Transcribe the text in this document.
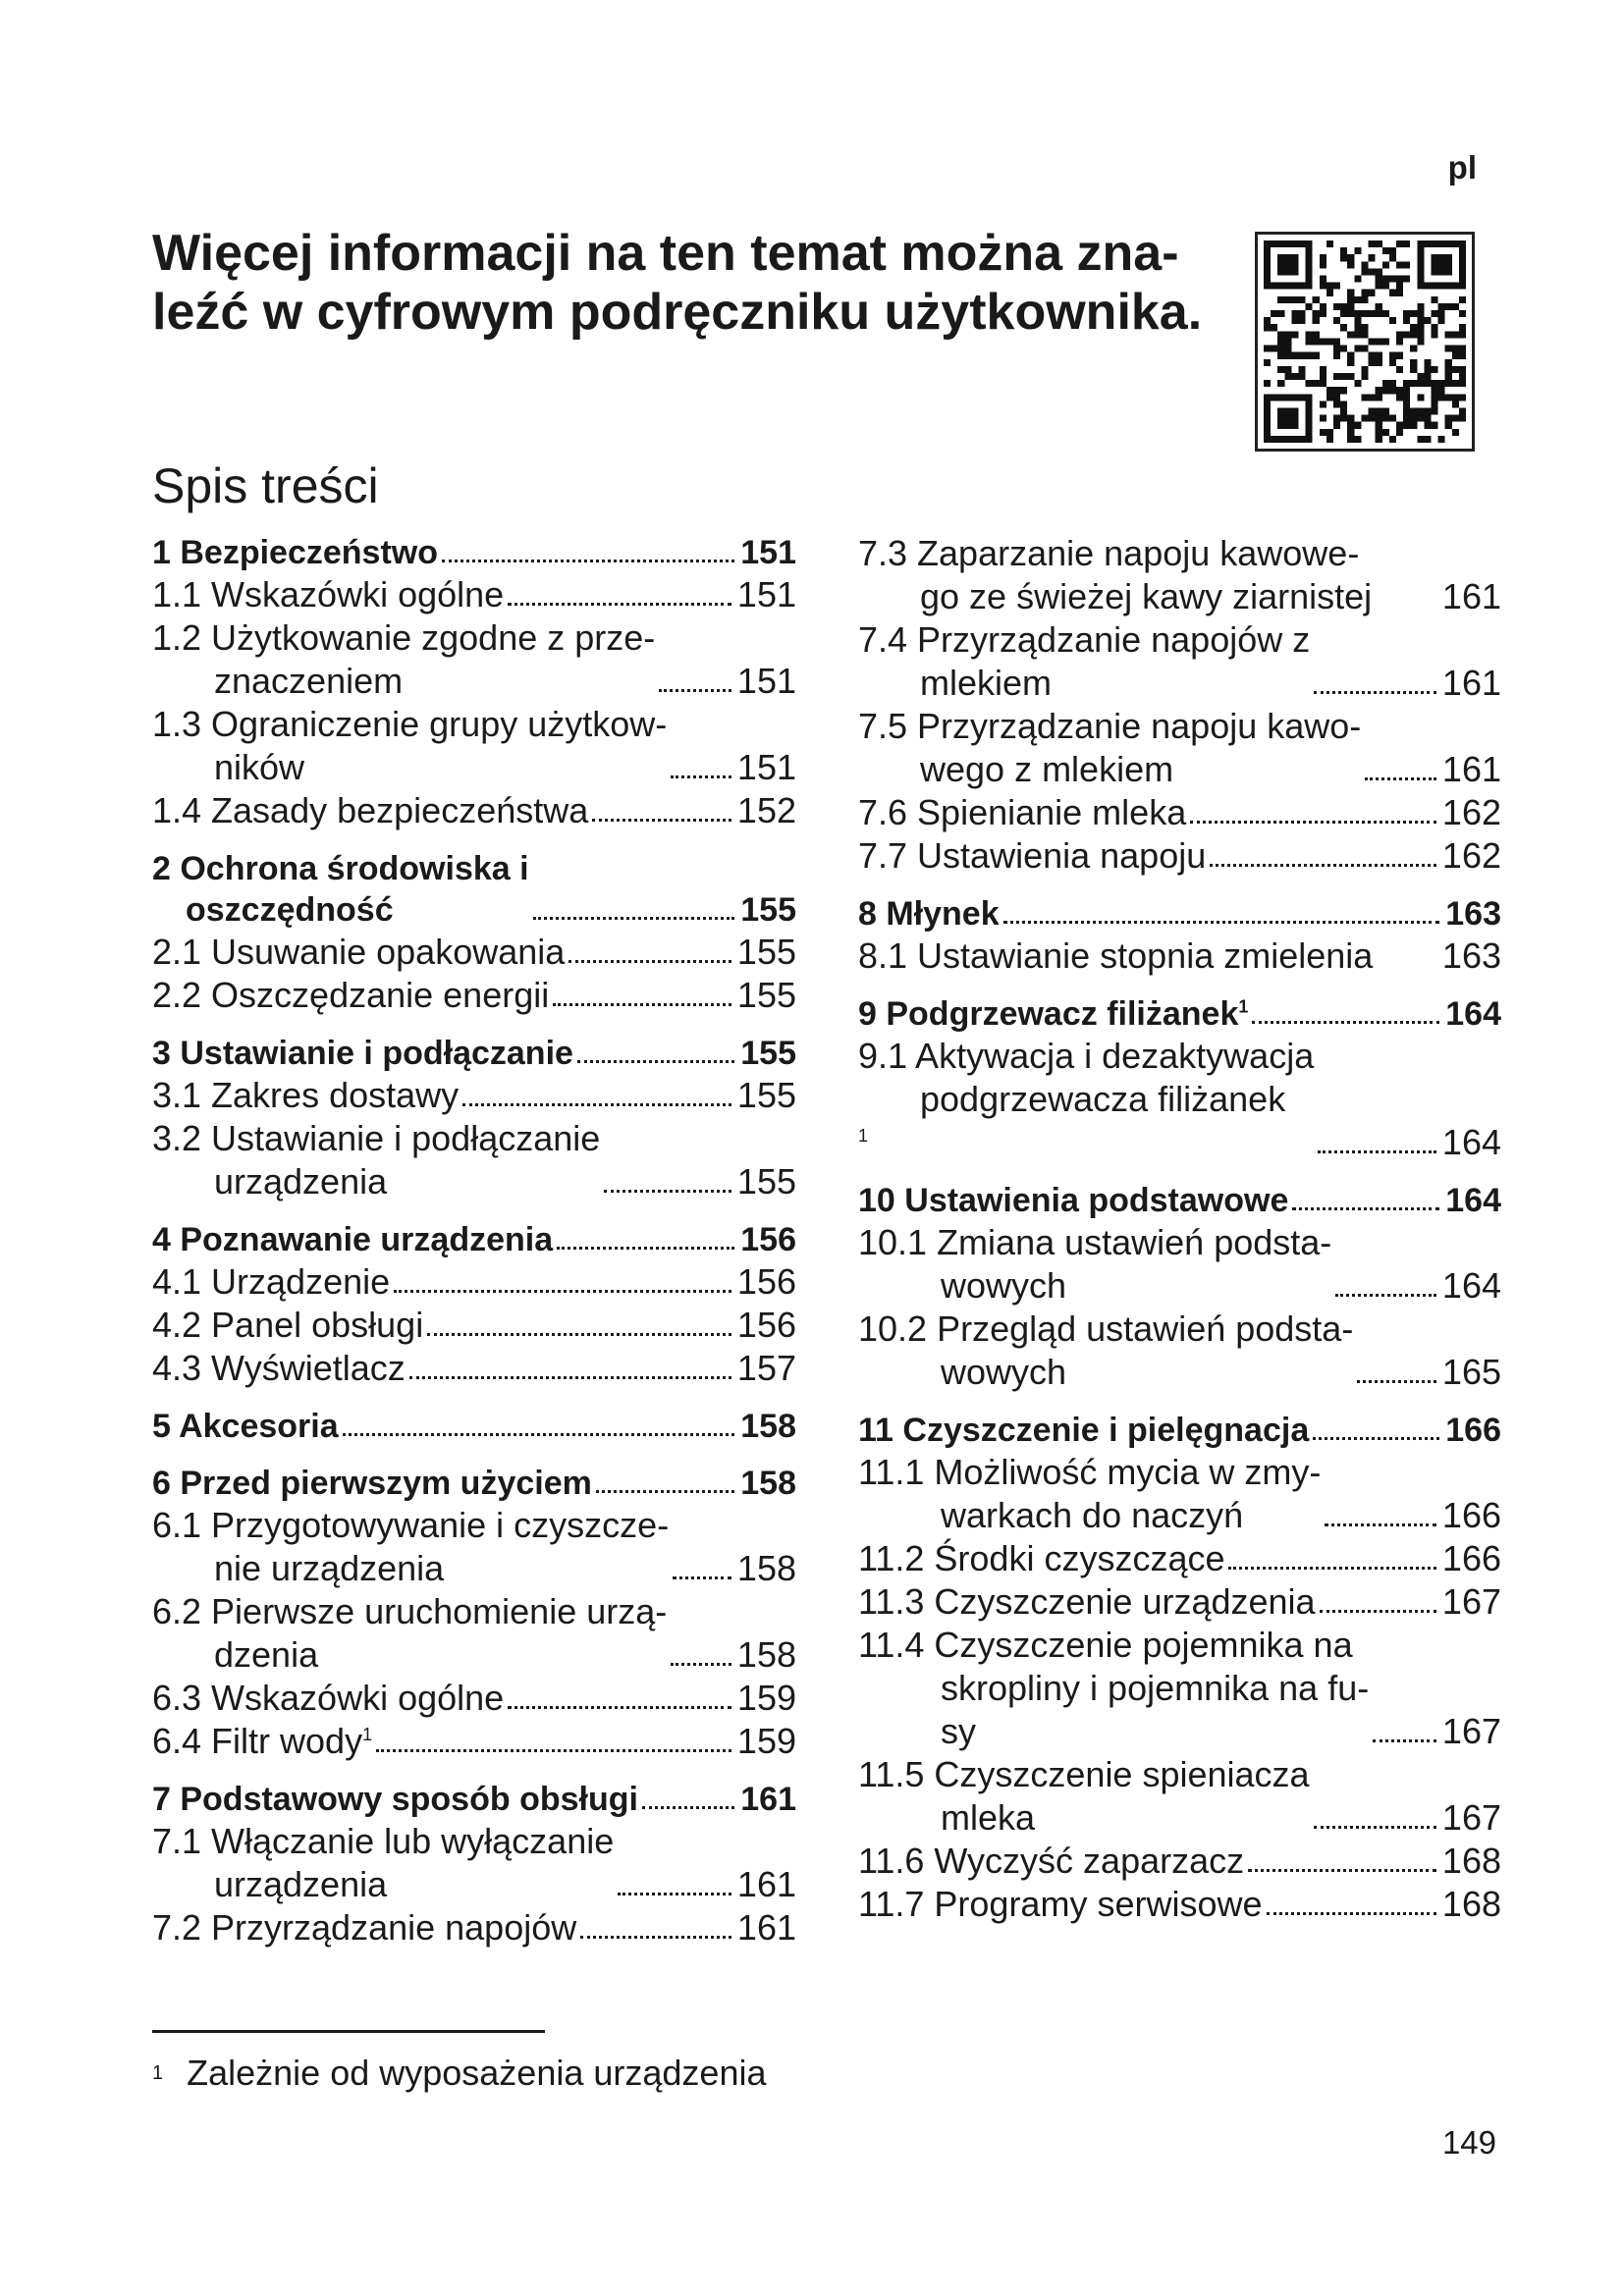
pl
Więcej informacji na ten temat można zna-
leźć w cyfrowym podręczniku użytkownika.
Spis treści
1 Bezpieczeństwo	151
1.1 Wskazówki ogólne	151
1.2 Użytkowanie zgodne z prze-
znaczeniem	151
1.3 Ograniczenie grupy użytkow-
ników	151
1.4 Zasady bezpieczeństwa	152
2 Ochrona środowiska i
oszczędność	155
2.1 Usuwanie opakowania	155
2.2 Oszczędzanie energii	155
3 Ustawianie i podłączanie	155
3.1 Zakres dostawy	155
3.2 Ustawianie i podłączanie
urządzenia	155
4 Poznawanie urządzenia	156
4.1 Urządzenie	156
4.2 Panel obsługi	156
4.3 Wyświetlacz	157
5 Akcesoria	158
6 Przed pierwszym użyciem	158
6.1 Przygotowywanie i czyszcze-
nie urządzenia	158
6.2 Pierwsze uruchomienie urzą-
dzenia	158
6.3 Wskazówki ogólne	159
6.4 Filtr wody$^1$	159
7 Podstawowy sposób obsługi	161
7.1 Włączanie lub wyłączanie
urządzenia	161
7.2 Przyrządzanie napojów	161
7.3 Zaparzanie napoju kawowe-
go ze świeżej kawy ziarnistej 161
7.4 Przyrządzanie napojów z
mlekiem	161
7.5 Przyrządzanie napoju kawo-
wego z mlekiem	161
7.6 Spienianie mleka	162
7.7 Ustawienia napoju	162
8 Młynek	163
8.1 Ustawianie stopnia zmielenia 163
9 Podgrzewacz filiżanek$^1$	164
9.1 Aktywacja i dezaktywacja
podgrzewacza filiżanek
$^1$	164
10 Ustawienia podstawowe	164
10.1 Zmiana ustawień podsta-
wowych	164
10.2 Przegląd ustawień podsta-
wowych	165
11 Czyszczenie i pielęgnacja	166
11.1 Możliwość mycia w zmy-
warkach do naczyń	166
11.2 Środki czyszczące	166
11.3 Czyszczenie urządzenia	167
11.4 Czyszczenie pojemnika na
skropliny i pojemnika na fu-
sy	167
11.5 Czyszczenie spieniacza
mleka	167
11.6 Wyczyść zaparzacz	168
11.7 Programy serwisowe	168
$^1$ Zależnie od wyposażenia urządzenia
149
